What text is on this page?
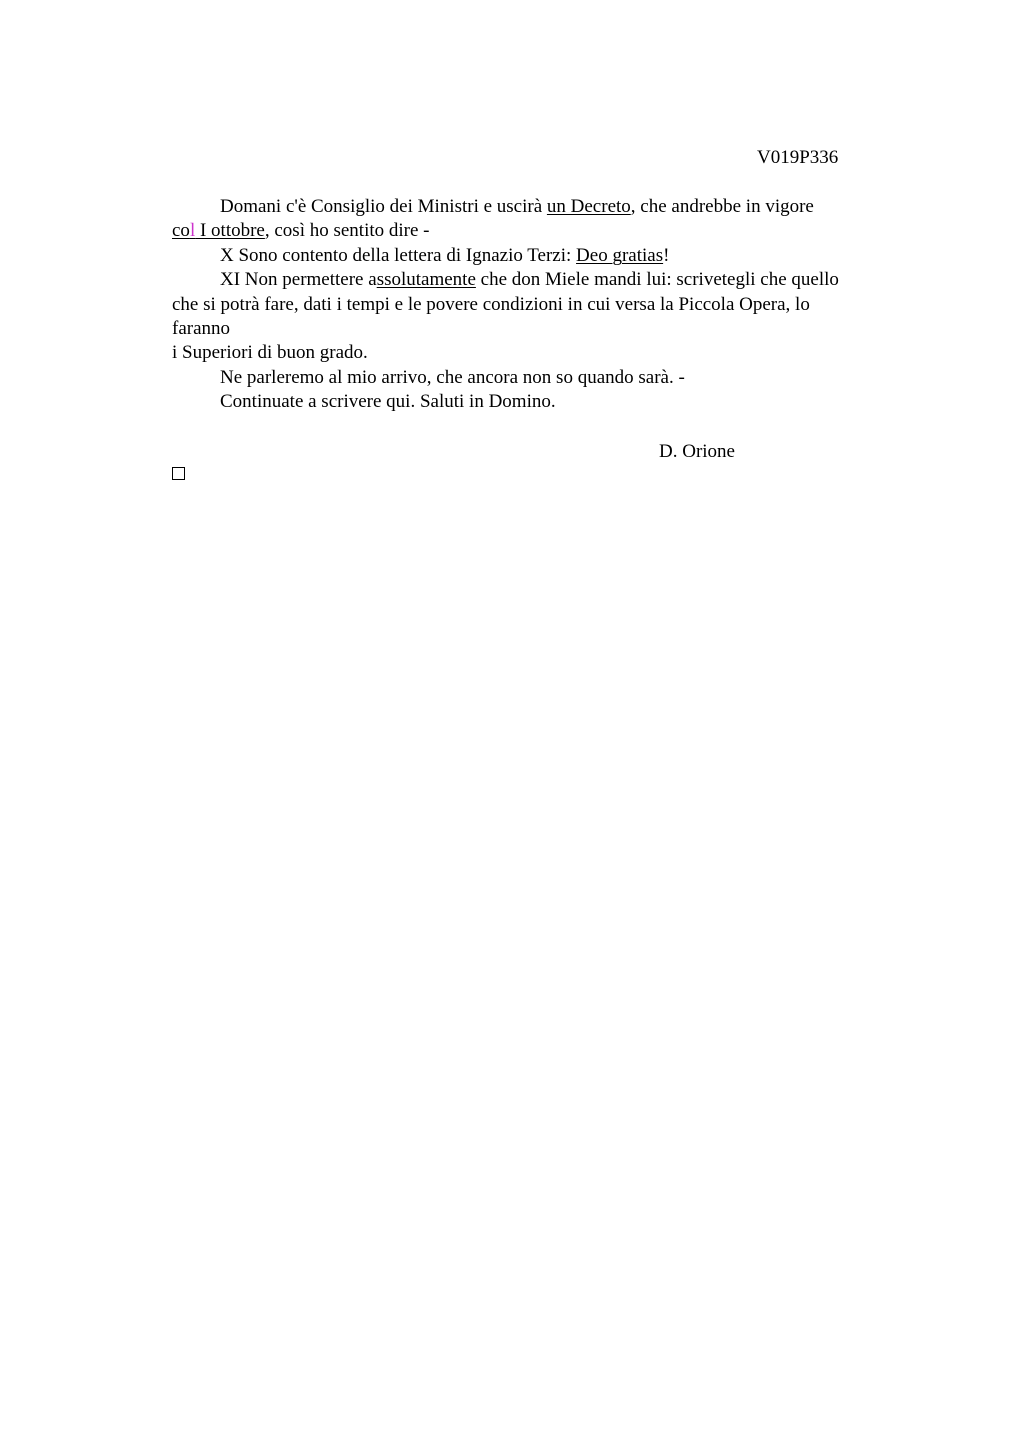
V019P336
Domani c'è Consiglio dei Ministri e uscirà un Decreto, che andrebbe in vigore
col I ottobre, così ho sentito dire -
X Sono contento della lettera di Ignazio Terzi: Deo gratias!
XI Non permettere assolutamente che don Miele mandi lui: scrivetegli che quello
che si potrà fare, dati i tempi e le povere condizioni in cui versa la Piccola Opera, lo
faranno
i Superiori di buon grado.
Ne parleremo al mio arrivo, che ancora non so quando sarà. -
Continuate a scrivere qui. Saluti in Domino.
D. Orione
